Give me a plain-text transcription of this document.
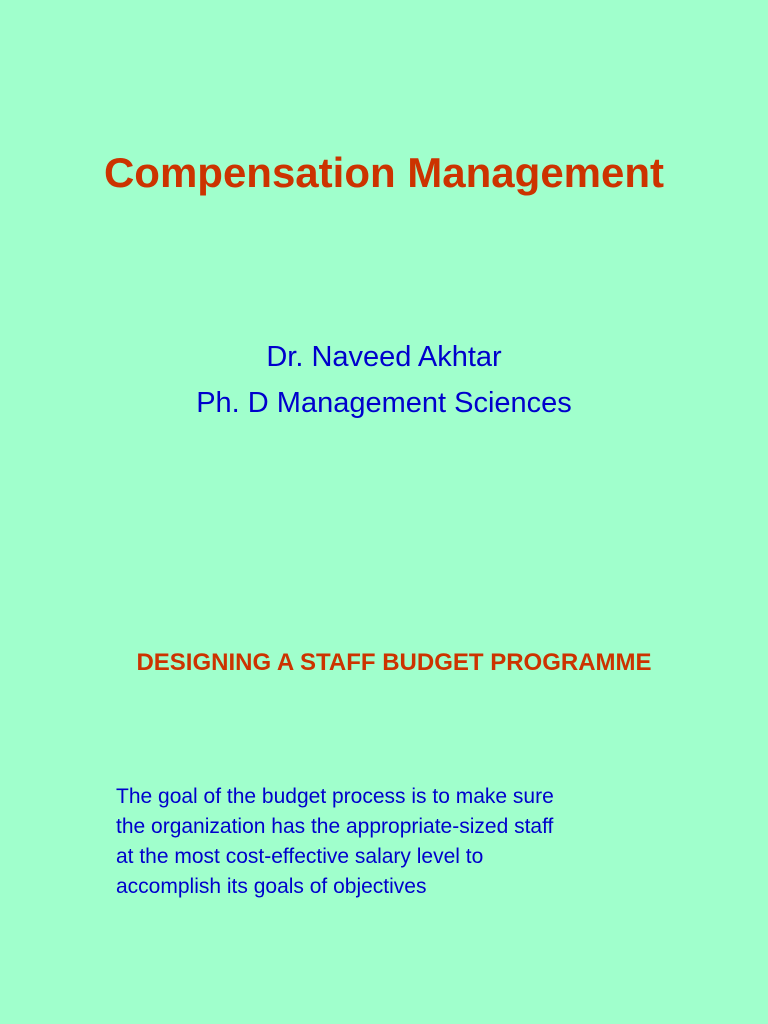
Compensation Management
Dr. Naveed Akhtar
Ph. D Management Sciences
DESIGNING A STAFF BUDGET PROGRAMME
The goal of the budget process is to make sure
the organization has the appropriate-sized staff
at the most cost-effective salary level to
accomplish its goals of objectives
